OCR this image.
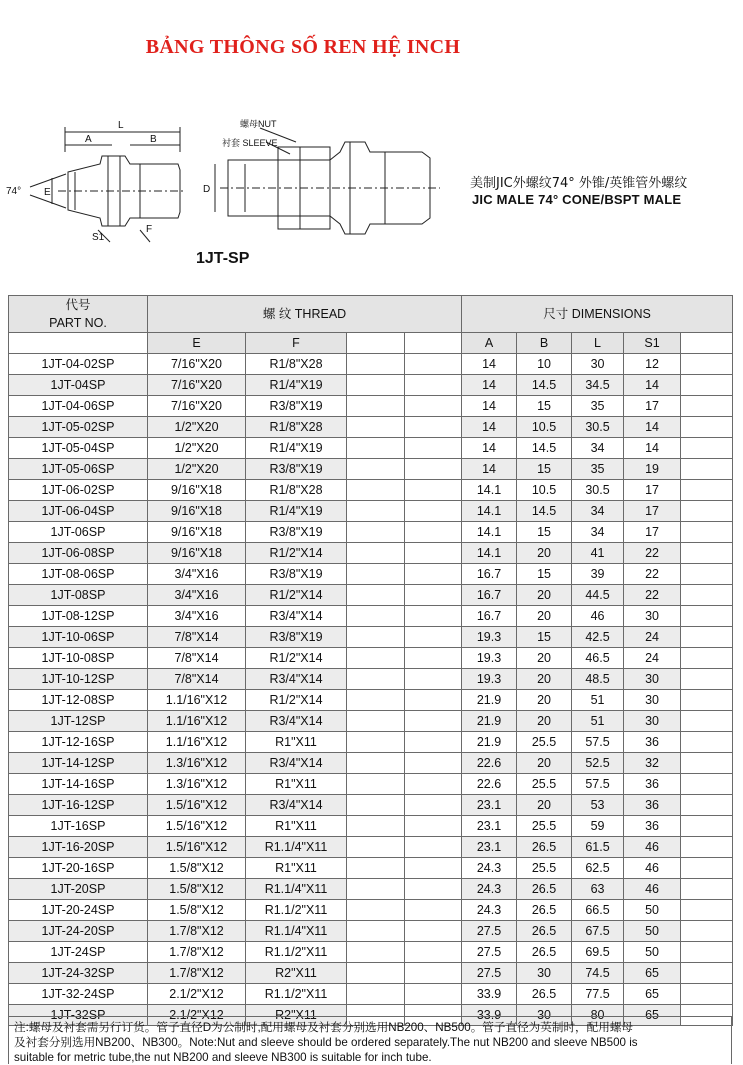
BẢNG THÔNG SỐ REN HỆ INCH
L
A	B
E
74°
S1
F
D
螺母NUT
衬套 SLEEVE
1JT-SP
美制JIC外螺纹74° 外锥/英锥管外螺纹
JIC MALE 74° CONE/BSPT MALE
代号
PART NO.	螺 纹 THREAD				尺寸 DIMENSIONS				
	E	F			A	B	L	S1	
1JT-04-02SP	7/16"X20	R1/8"X28			14	10	30	12	
1JT-04SP	7/16"X20	R1/4"X19			14	14.5	34.5	14	
1JT-04-06SP	7/16"X20	R3/8"X19			14	15	35	17	
1JT-05-02SP	1/2"X20	R1/8"X28			14	10.5	30.5	14	
1JT-05-04SP	1/2"X20	R1/4"X19			14	14.5	34	14	
1JT-05-06SP	1/2"X20	R3/8"X19			14	15	35	19	
1JT-06-02SP	9/16"X18	R1/8"X28			14.1	10.5	30.5	17	
1JT-06-04SP	9/16"X18	R1/4"X19			14.1	14.5	34	17	
1JT-06SP	9/16"X18	R3/8"X19			14.1	15	34	17	
1JT-06-08SP	9/16"X18	R1/2"X14			14.1	20	41	22	
1JT-08-06SP	3/4"X16	R3/8"X19			16.7	15	39	22	
1JT-08SP	3/4"X16	R1/2"X14			16.7	20	44.5	22	
1JT-08-12SP	3/4"X16	R3/4"X14			16.7	20	46	30	
1JT-10-06SP	7/8"X14	R3/8"X19			19.3	15	42.5	24	
1JT-10-08SP	7/8"X14	R1/2"X14			19.3	20	46.5	24	
1JT-10-12SP	7/8"X14	R3/4"X14			19.3	20	48.5	30	
1JT-12-08SP	1.1/16"X12	R1/2"X14			21.9	20	51	30	
1JT-12SP	1.1/16"X12	R3/4"X14			21.9	20	51	30	
1JT-12-16SP	1.1/16"X12	R1"X11			21.9	25.5	57.5	36	
1JT-14-12SP	1.3/16"X12	R3/4"X14			22.6	20	52.5	32	
1JT-14-16SP	1.3/16"X12	R1"X11			22.6	25.5	57.5	36	
1JT-16-12SP	1.5/16"X12	R3/4"X14			23.1	20	53	36	
1JT-16SP	1.5/16"X12	R1"X11			23.1	25.5	59	36	
1JT-16-20SP	1.5/16"X12	R1.1/4"X11			23.1	26.5	61.5	46	
1JT-20-16SP	1.5/8"X12	R1"X11			24.3	25.5	62.5	46	
1JT-20SP	1.5/8"X12	R1.1/4"X11			24.3	26.5	63	46	
1JT-20-24SP	1.5/8"X12	R1.1/2"X11			24.3	26.5	66.5	50	
1JT-24-20SP	1.7/8"X12	R1.1/4"X11			27.5	26.5	67.5	50	
1JT-24SP	1.7/8"X12	R1.1/2"X11			27.5	26.5	69.5	50	
1JT-24-32SP	1.7/8"X12	R2"X11			27.5	30	74.5	65	
1JT-32-24SP	2.1/2"X12	R1.1/2"X11			33.9	26.5	77.5	65	
1JT-32SP	2.1/2"X12	R2"X11			33.9	30	80	65	
注:螺母及衬套需另行订货。管子直径D为公制时,配用螺母及衬套分别选用NB200、NB500。管子直径为英制时，配用螺母
及衬套分别选用NB200、NB300。Note:Nut and sleeve should be ordered separately.The nut NB200 and sleeve NB500 is
suitable for metric tube,the nut NB200 and sleeve NB300 is suitable for inch tube.
